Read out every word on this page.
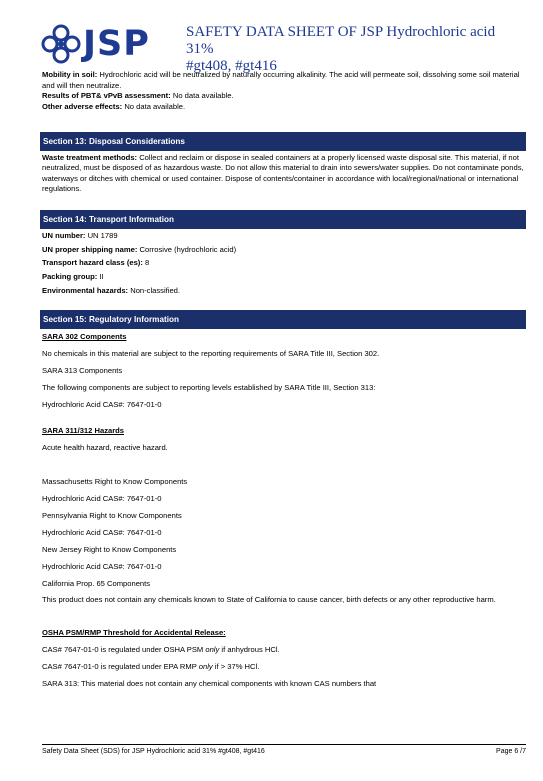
JSP SAFETY DATA SHEET OF JSP Hydrochloric acid 31%
#gt408, #gt416

Mobility in soil: Hydrochloric acid will be neutralized by naturally occurring alkalinity. The acid will permeate soil, dissolving some soil material and will then neutralize.

Results of PBT& vPvB assessment: No data available.

Other adverse effects: No data available.

Section 13: Disposal Considerations

Waste treatment methods: Collect and reclaim or dispose in sealed containers at a properly licensed waste disposal site. This material, if not neutralized, must be disposed of as hazardous waste. Do not allow this material to drain into sewers/water supplies. Do not contaminate ponds, waterways or ditches with chemical or used container. Dispose of contents/container in accordance with local/regional/national or international regulations.

Section 14: Transport Information

UN number: UN 1789

UN proper shipping name: Corrosive (hydrochloric acid)

Transport hazard class (es): 8

Packing group: II

Environmental hazards: Non-classified.

Section 15: Regulatory Information

SARA 302 Components

No chemicals in this material are subject to the reporting requirements of SARA Title III, Section 302.

SARA 313 Components

The following components are subject to reporting levels established by SARA Title III, Section 313:

Hydrochloric Acid CAS#: 7647-01-0

SARA 311/312 Hazards

Acute health hazard, reactive hazard.

Massachusetts Right to Know Components

Hydrochloric Acid CAS#: 7647-01-0

Pennsylvania Right to Know Components

Hydrochloric Acid CAS#: 7647-01-0

New Jersey Right to Know Components

Hydrochloric Acid CAS#: 7647-01-0

California Prop. 65 Components

This product does not contain any chemicals known to State of California to cause cancer, birth defects or any other reproductive harm.

OSHA PSM/RMP Threshold for Accidental Release:

CAS# 7647-01-0 is regulated under OSHA PSM only if anhydrous HCl.

CAS# 7647-01-0 is regulated under EPA RMP only if > 37% HCl.

SARA 313: This material does not contain any chemical components with known CAS numbers that

Safety Data Sheet (SDS) for JSP Hydrochloric acid 31% #gt408, #gt416	Page 6 /7
